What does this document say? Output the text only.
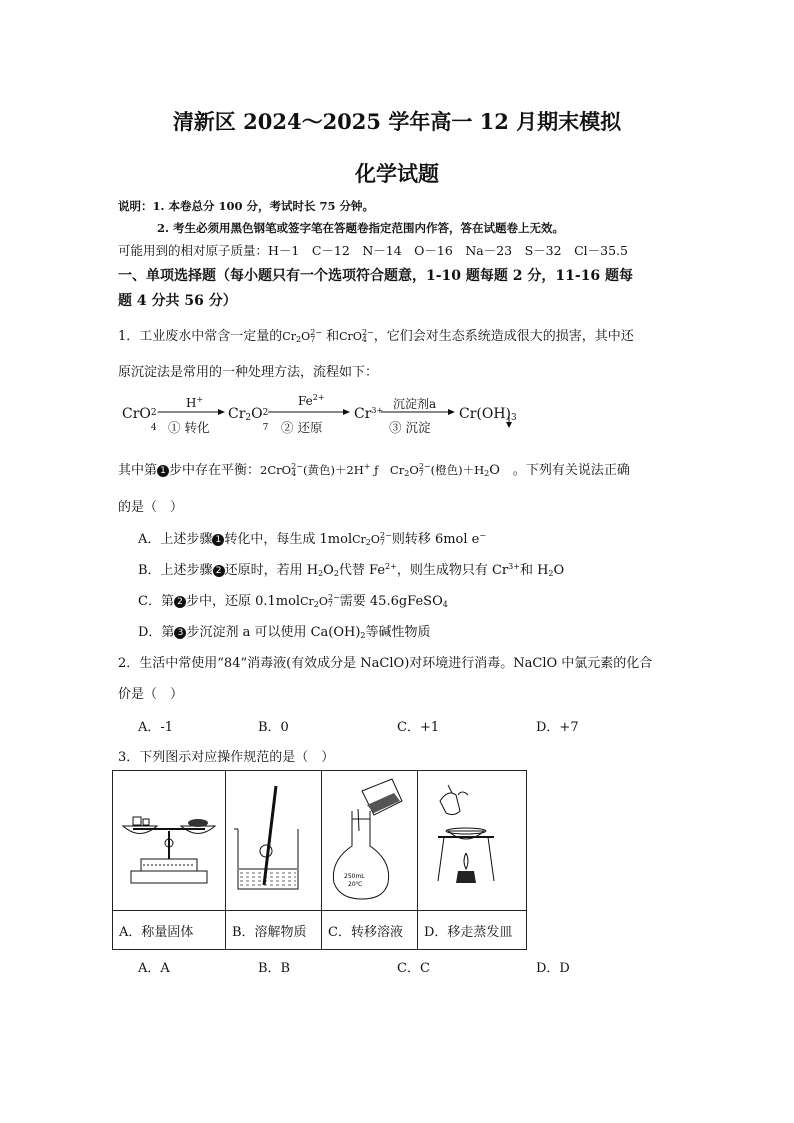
清新区 2024～2025 学年高一 12 月期末模拟
化学试题
说明：1. 本卷总分 100 分，考试时长 75 分钟。
2. 考生必须用黑色钢笔或签字笔在答题卷指定范围内作答，答在试题卷上无效。
可能用到的相对原子质量：H－1　C－12　N－14　O－16　Na－23　S－32　Cl－35.5
一、单项选择题（每小题只有一个选项符合题意，1-10 题每题 2 分，11-16 题每
题 4 分共 56 分）
1．工业废水中常含一定量的$Cr_2O_7^{2-}$ 和CrO$_4^{2-}$，它们会对生态系统造成很大的损害，其中还
原沉淀法是常用的一种处理方法，流程如下：
CrO 2−
4
H+
① 转化
$Cr_2O$ 2−
7
$Fe^{2+}$
② 还原
$Cr^{3+}$ 沉淀剂a
③ 沉淀
$Cr(OH)_3$
其中第 1 步中存在平衡：2CrO$_4^{2-}$(黄色)＋2H+ ƒ　$Cr_2O_7^{2-}$(橙色)$+H_2O$　。下列有关说法正确
的是（　）
A．上述步骤 1 转化中，每生成 $1molCr_2O_7^{2-}$则转移 6mol e−
B．上述步骤 2 还原时，若用 $H_2O_2$代替 $Fe^{2+}$，则生成物只有 $Cr^{3+}$和 $H_2O$
C．第 2 步中，还原 $0.1molCr_2O_7^{2-}$需要 45.6gFeSO$_4$
D．第 3 步沉淀剂 a 可以使用 $Ca(OH)_2$等碱性物质
2．生活中常使用“84”消毒液(有效成分是 NaClO)对环境进行消毒。NaClO 中氯元素的化合
价是（　）
A．-1	B．0	C．+1	D．+7
3．下列图示对应操作规范的是（　）

250mL
20℃

A．称量固体	B．溶解物质	C．转移溶液	D．移走蒸发皿
A．A	B．B	C．C	D．D
